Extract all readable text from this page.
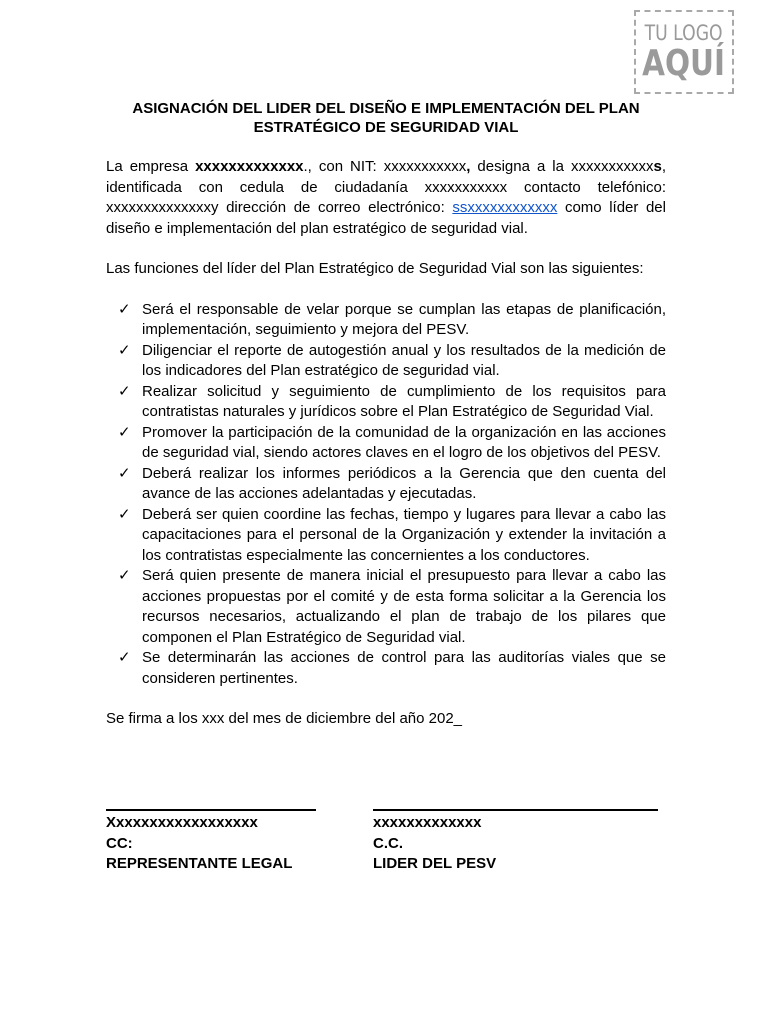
TU LOGO
AQUÍ
ASIGNACIÓN DEL LIDER DEL DISEÑO E IMPLEMENTACIÓN DEL PLAN ESTRATÉGICO DE SEGURIDAD VIAL

La empresa xxxxxxxxxxxxx., con NIT: xxxxxxxxxxx, designa a la xxxxxxxxxxxs, identificada con cedula de ciudadanía xxxxxxxxxxx contacto telefónico: xxxxxxxxxxxxxxy dirección de correo electrónico: ssxxxxxxxxxxxx como líder del diseño e implementación del plan estratégico de seguridad vial.

Las funciones del líder del Plan Estratégico de Seguridad Vial son las siguientes:

✓ Será el responsable de velar porque se cumplan las etapas de planificación, implementación, seguimiento y mejora del PESV.
✓ Diligenciar el reporte de autogestión anual y los resultados de la medición de los indicadores del Plan estratégico de seguridad vial.
✓ Realizar solicitud y seguimiento de cumplimiento de los requisitos para contratistas naturales y jurídicos sobre el Plan Estratégico de Seguridad Vial.
✓ Promover la participación de la comunidad de la organización en las acciones de seguridad vial, siendo actores claves en el logro de los objetivos del PESV.
✓ Deberá realizar los informes periódicos a la Gerencia que den cuenta del avance de las acciones adelantadas y ejecutadas.
✓ Deberá ser quien coordine las fechas, tiempo y lugares para llevar a cabo las capacitaciones para el personal de la Organización y extender la invitación a los contratistas especialmente las concernientes a los conductores.
✓ Será quien presente de manera inicial el presupuesto para llevar a cabo las acciones propuestas por el comité y de esta forma solicitar a la Gerencia los recursos necesarios, actualizando el plan de trabajo de los pilares que componen el Plan Estratégico de Seguridad vial.
✓ Se determinarán las acciones de control para las auditorías viales que se consideren pertinentes.

Se firma a los xxx del mes de diciembre del año 202_

Xxxxxxxxxxxxxxxxxx
CC:
REPRESENTANTE LEGAL
xxxxxxxxxxxxx
C.C.
LIDER DEL PESV
